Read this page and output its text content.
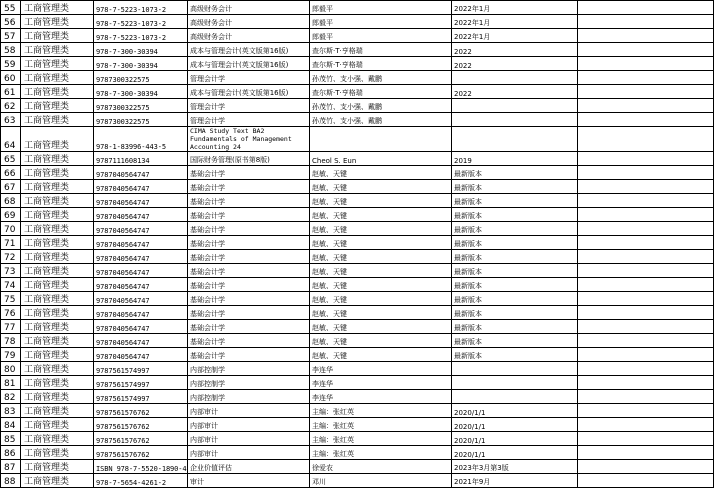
55	工商管理类	978-7-5223-1073-2	高级财务会计	郎毅平	2022年1月	
56	工商管理类	978-7-5223-1073-2	高级财务会计	郎毅平	2022年1月	
57	工商管理类	978-7-5223-1073-2	高级财务会计	郎毅平	2022年1月	
58	工商管理类	978-7-300-30394	成本与管理会计(英文版第16版)	查尔斯·T·亨格瑞	2022	
59	工商管理类	978-7-300-30394	成本与管理会计(英文版第16版)	查尔斯·T·亨格瑞	2022	
60	工商管理类	9787300322575	管理会计学	孙茂竹、支小强、戴鹏		
61	工商管理类	978-7-300-30394	成本与管理会计(英文版第16版)	查尔斯·T·亨格瑞	2022	
62	工商管理类	9787300322575	管理会计学	孙茂竹、支小强、戴鹏		
63	工商管理类	9787300322575	管理会计学	孙茂竹、支小强、戴鹏		
64	工商管理类	978-1-83996-443-5	CIMA Study Text BA2 Fundamentals of Management Accounting 24			
65	工商管理类	9787111608134	国际财务管理(原书第8版)	Cheol S. Eun	2019	
66	工商管理类	9787040564747	基础会计学	赵敏、天键	最新版本	
67	工商管理类	9787040564747	基础会计学	赵敏、天键	最新版本	
68	工商管理类	9787040564747	基础会计学	赵敏、天键	最新版本	
69	工商管理类	9787040564747	基础会计学	赵敏、天键	最新版本	
70	工商管理类	9787040564747	基础会计学	赵敏、天键	最新版本	
71	工商管理类	9787040564747	基础会计学	赵敏、天键	最新版本	
72	工商管理类	9787040564747	基础会计学	赵敏、天键	最新版本	
73	工商管理类	9787040564747	基础会计学	赵敏、天键	最新版本	
74	工商管理类	9787040564747	基础会计学	赵敏、天键	最新版本	
75	工商管理类	9787040564747	基础会计学	赵敏、天键	最新版本	
76	工商管理类	9787040564747	基础会计学	赵敏、天键	最新版本	
77	工商管理类	9787040564747	基础会计学	赵敏、天键	最新版本	
78	工商管理类	9787040564747	基础会计学	赵敏、天键	最新版本	
79	工商管理类	9787040564747	基础会计学	赵敏、天键	最新版本	
80	工商管理类	9787561574997	内部控制学	李连华		
81	工商管理类	9787561574997	内部控制学	李连华		
82	工商管理类	9787561574997	内部控制学	李连华		
83	工商管理类	9787561576762	内部审计	主编：张红英	2020/1/1	
84	工商管理类	9787561576762	内部审计	主编：张红英	2020/1/1	
85	工商管理类	9787561576762	内部审计	主编：张红英	2020/1/1	
86	工商管理类	9787561576762	内部审计	主编：张红英	2020/1/1	
87	工商管理类	ISBN 978-7-5520-1890-4	企业价值评估	徐爱农	2023年3月第3版	
88	工商管理类	978-7-5654-4261-2	审计	邓川	2021年9月	
